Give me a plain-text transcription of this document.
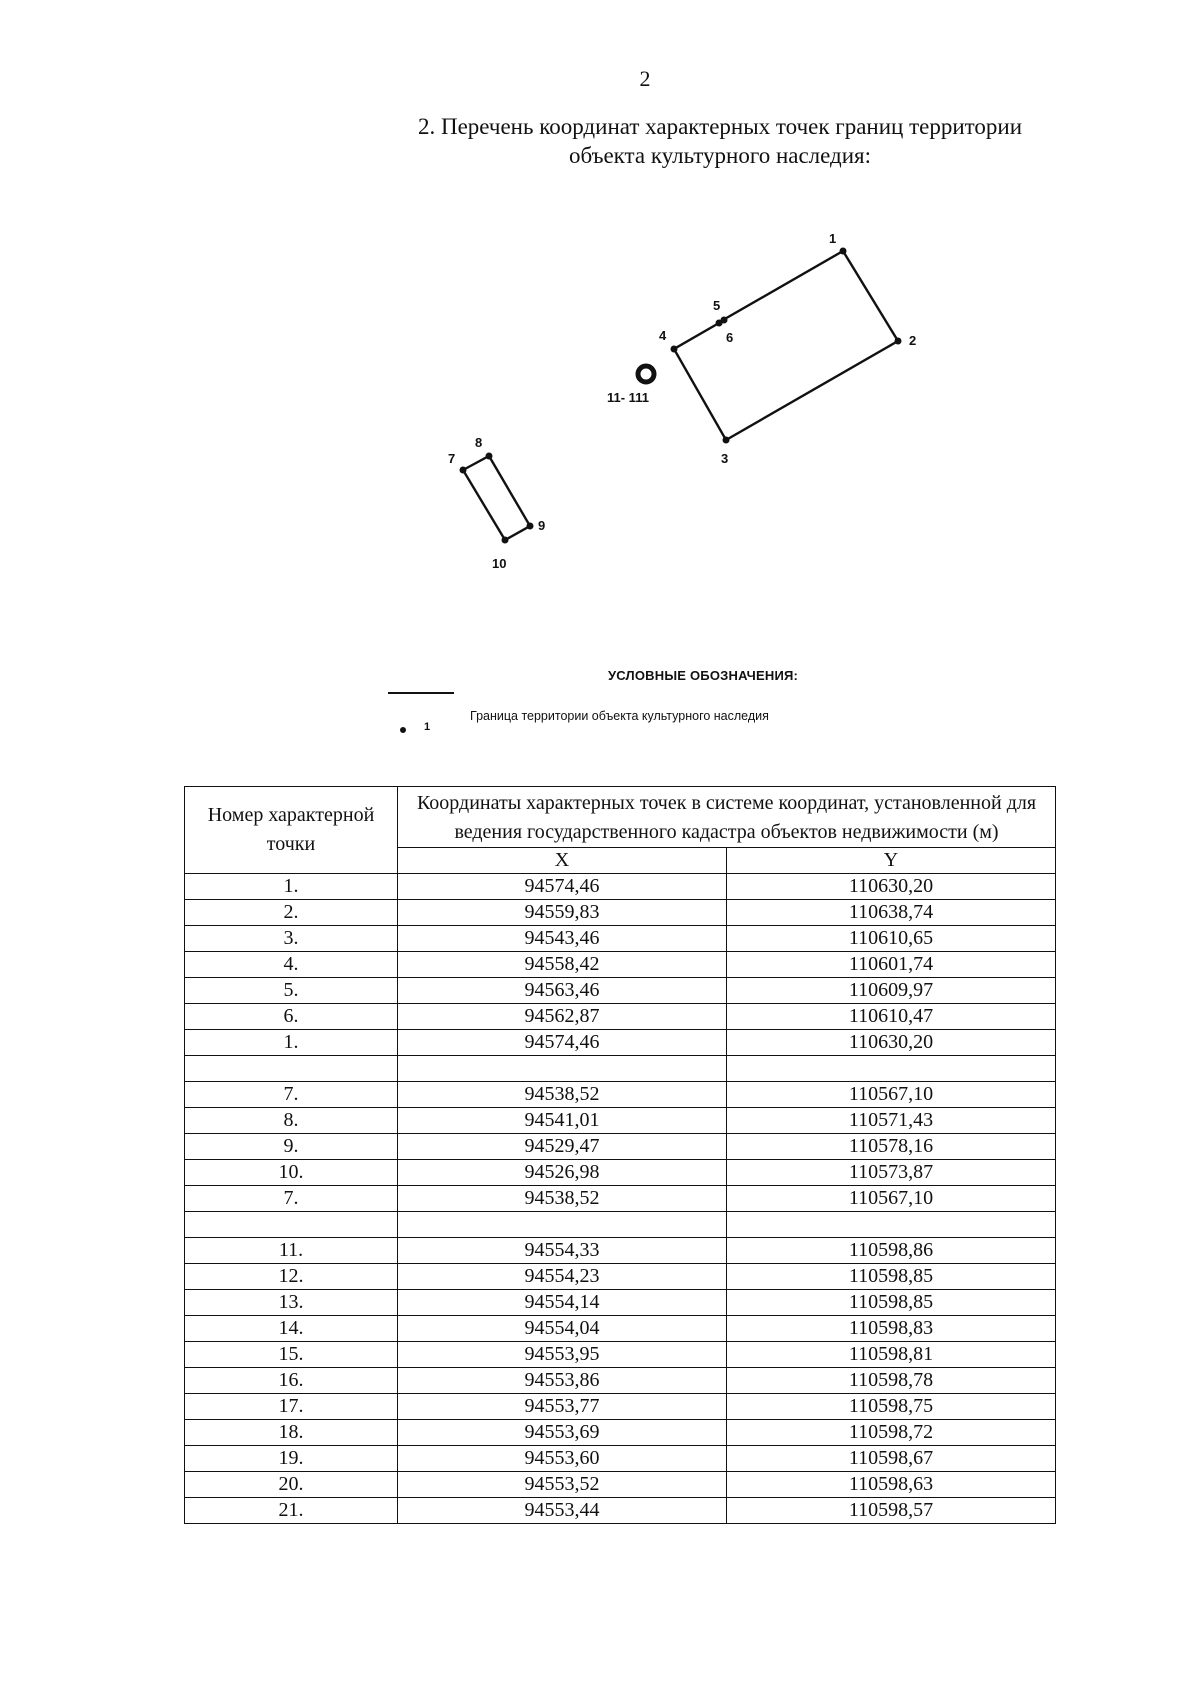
2
2. Перечень координат характерных точек границ территории
объекта культурного наследия:
1
2
3
4
5
6
7
8
9
10
11- 111
УСЛОВНЫЕ ОБОЗНАЧЕНИЯ:
1
Граница территории объекта культурного наследия
Номер характерной точки	Координаты характерных точек в системе координат, установленной для ведения государственного кадастра объектов недвижимости (м)	
	X	Y
1.	94574,46	110630,20
2.	94559,83	110638,74
3.	94543,46	110610,65
4.	94558,42	110601,74
5.	94563,46	110609,97
6.	94562,87	110610,47
1.	94574,46	110630,20

7.	94538,52	110567,10
8.	94541,01	110571,43
9.	94529,47	110578,16
10.	94526,98	110573,87
7.	94538,52	110567,10

11.	94554,33	110598,86
12.	94554,23	110598,85
13.	94554,14	110598,85
14.	94554,04	110598,83
15.	94553,95	110598,81
16.	94553,86	110598,78
17.	94553,77	110598,75
18.	94553,69	110598,72
19.	94553,60	110598,67
20.	94553,52	110598,63
21.	94553,44	110598,57
